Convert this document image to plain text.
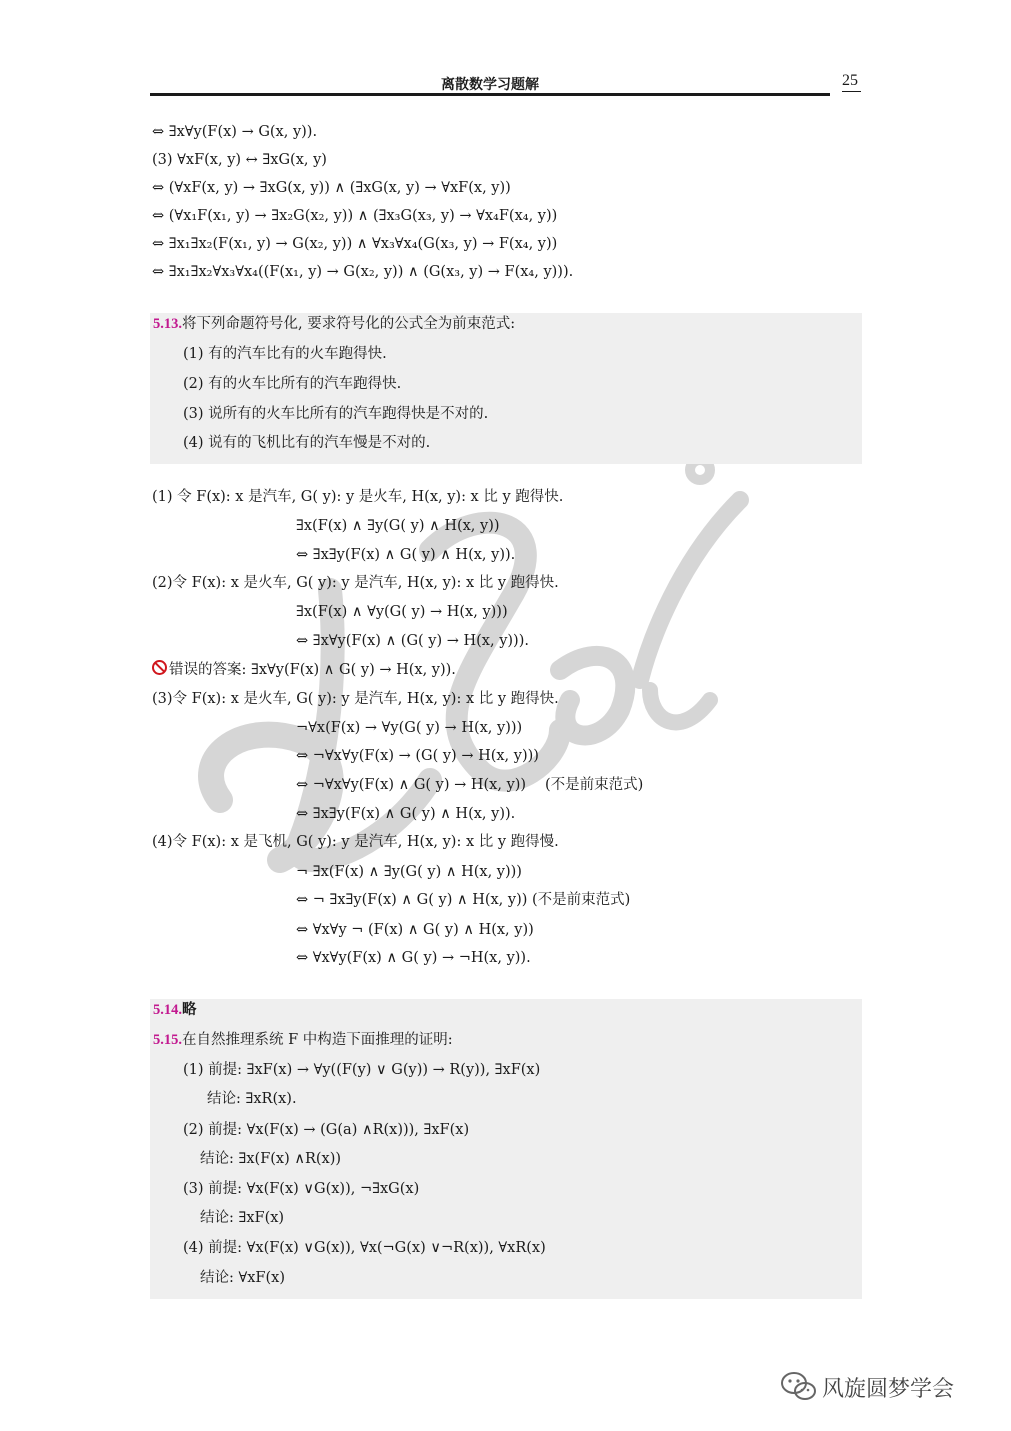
离散数学习题解	25
⇔ ∃x∀y(F(x) → G(x, y)).
(3) ∀xF(x, y) ↔ ∃xG(x, y)
⇔ (∀xF(x, y) → ∃xG(x, y)) ∧ (∃xG(x, y) → ∀xF(x, y))
⇔ (∀x₁F(x₁, y) → ∃x₂G(x₂, y)) ∧ (∃x₃G(x₃, y) → ∀x₄F(x₄, y))
⇔ ∃x₁∃x₂(F(x₁, y) → G(x₂, y)) ∧ ∀x₃∀x₄(G(x₃, y) → F(x₄, y))
⇔ ∃x₁∃x₂∀x₃∀x₄((F(x₁, y) → G(x₂, y)) ∧ (G(x₃, y) → F(x₄, y))).
5.13.将下列命题符号化, 要求符号化的公式全为前束范式:
(1) 有的汽车比有的火车跑得快.
(2) 有的火车比所有的汽车跑得快.
(3) 说所有的火车比所有的汽车跑得快是不对的.
(4) 说有的飞机比有的汽车慢是不对的.
(1) 令 F(x): x 是汽车, G( y): y 是火车, H(x, y): x 比 y 跑得快.
∃x(F(x) ∧ ∃y(G( y) ∧ H(x, y))
⇔ ∃x∃y(F(x) ∧ G( y) ∧ H(x, y)).
(2)令 F(x): x 是火车, G( y): y 是汽车, H(x, y): x 比 y 跑得快.
∃x(F(x) ∧ ∀y(G( y) → H(x, y)))
⇔ ∃x∀y(F(x) ∧ (G( y) → H(x, y))).
错误的答案: ∃x∀y(F(x) ∧ G( y) → H(x, y)).
(3)令 F(x): x 是火车, G( y): y 是汽车, H(x, y): x 比 y 跑得快.
¬∀x(F(x) → ∀y(G( y) → H(x, y)))
⇔ ¬∀x∀y(F(x) → (G( y) → H(x, y)))
⇔ ¬∀x∀y(F(x) ∧ G( y) → H(x, y)) (不是前束范式)
⇔ ∃x∃y(F(x) ∧ G( y) ∧ H(x, y)).
(4)令 F(x): x 是飞机, G( y): y 是汽车, H(x, y): x 比 y 跑得慢.
¬ ∃x(F(x) ∧ ∃y(G( y) ∧ H(x, y)))
⇔ ¬ ∃x∃y(F(x) ∧ G( y) ∧ H(x, y)) (不是前束范式)
⇔ ∀x∀y ¬ (F(x) ∧ G( y) ∧ H(x, y))
⇔ ∀x∀y(F(x) ∧ G( y) → ¬H(x, y)).
5.14.略
5.15.在自然推理系统 F 中构造下面推理的证明:
(1) 前提: ∃xF(x) → ∀y((F(y) ∨ G(y)) → R(y)), ∃xF(x)
结论: ∃xR(x).
(2) 前提: ∀x(F(x) → (G(a) ∧R(x))), ∃xF(x)
结论: ∃x(F(x) ∧R(x))
(3) 前提: ∀x(F(x) ∨G(x)), ¬∃xG(x)
结论: ∃xF(x)
(4) 前提: ∀x(F(x) ∨G(x)), ∀x(¬G(x) ∨¬R(x)), ∀xR(x)
结论: ∀xF(x)
风旋圆梦学会
